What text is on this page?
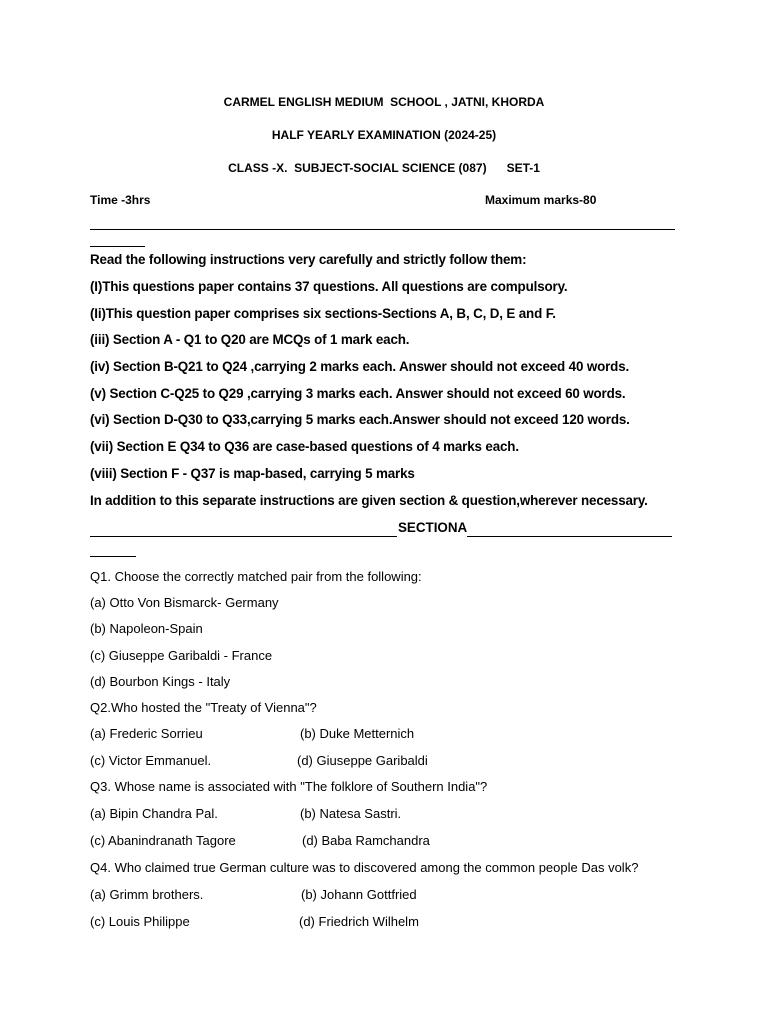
CARMEL ENGLISH MEDIUM  SCHOOL , JATNI, KHORDA
HALF YEARLY EXAMINATION (2024-25)
CLASS -X.  SUBJECT-SOCIAL SCIENCE (087)      SET-1
Time -3hrs	Maximum marks-80
Read the following instructions very carefully and strictly follow them:
(I)This questions paper contains 37 questions. All questions are compulsory.
(Ii)This question paper comprises six sections-Sections A, B, C, D, E and F.
(iii) Section A - Q1 to Q20 are MCQs of 1 mark each.
(iv) Section B-Q21 to Q24 ,carrying 2 marks each. Answer should not exceed 40 words.
(v) Section C-Q25 to Q29 ,carrying 3 marks each. Answer should not exceed 60 words.
(vi) Section D-Q30 to Q33,carrying 5 marks each.Answer should not exceed 120 words.
(vii) Section E Q34 to Q36 are case-based questions of 4 marks each.
(viii) Section F - Q37 is map-based, carrying 5 marks
In addition to this separate instructions are given section & question,wherever necessary.
SECTIONA
Q1. Choose the correctly matched pair from the following:
(a) Otto Von Bismarck- Germany
(b) Napoleon-Spain
(c) Giuseppe Garibaldi - France
(d) Bourbon Kings - Italy
Q2.Who hosted the "Treaty of Vienna"?
(a) Frederic Sorrieu	(b) Duke Metternich
(c) Victor Emmanuel.	(d) Giuseppe Garibaldi
Q3. Whose name is associated with "The folklore of Southern India"?
(a) Bipin Chandra Pal.	(b) Natesa Sastri.
(c) Abanindranath Tagore	(d) Baba Ramchandra
Q4. Who claimed true German culture was to discovered among the common people Das volk?
(a) Grimm brothers.	(b) Johann Gottfried
(c) Louis Philippe	(d) Friedrich Wilhelm
